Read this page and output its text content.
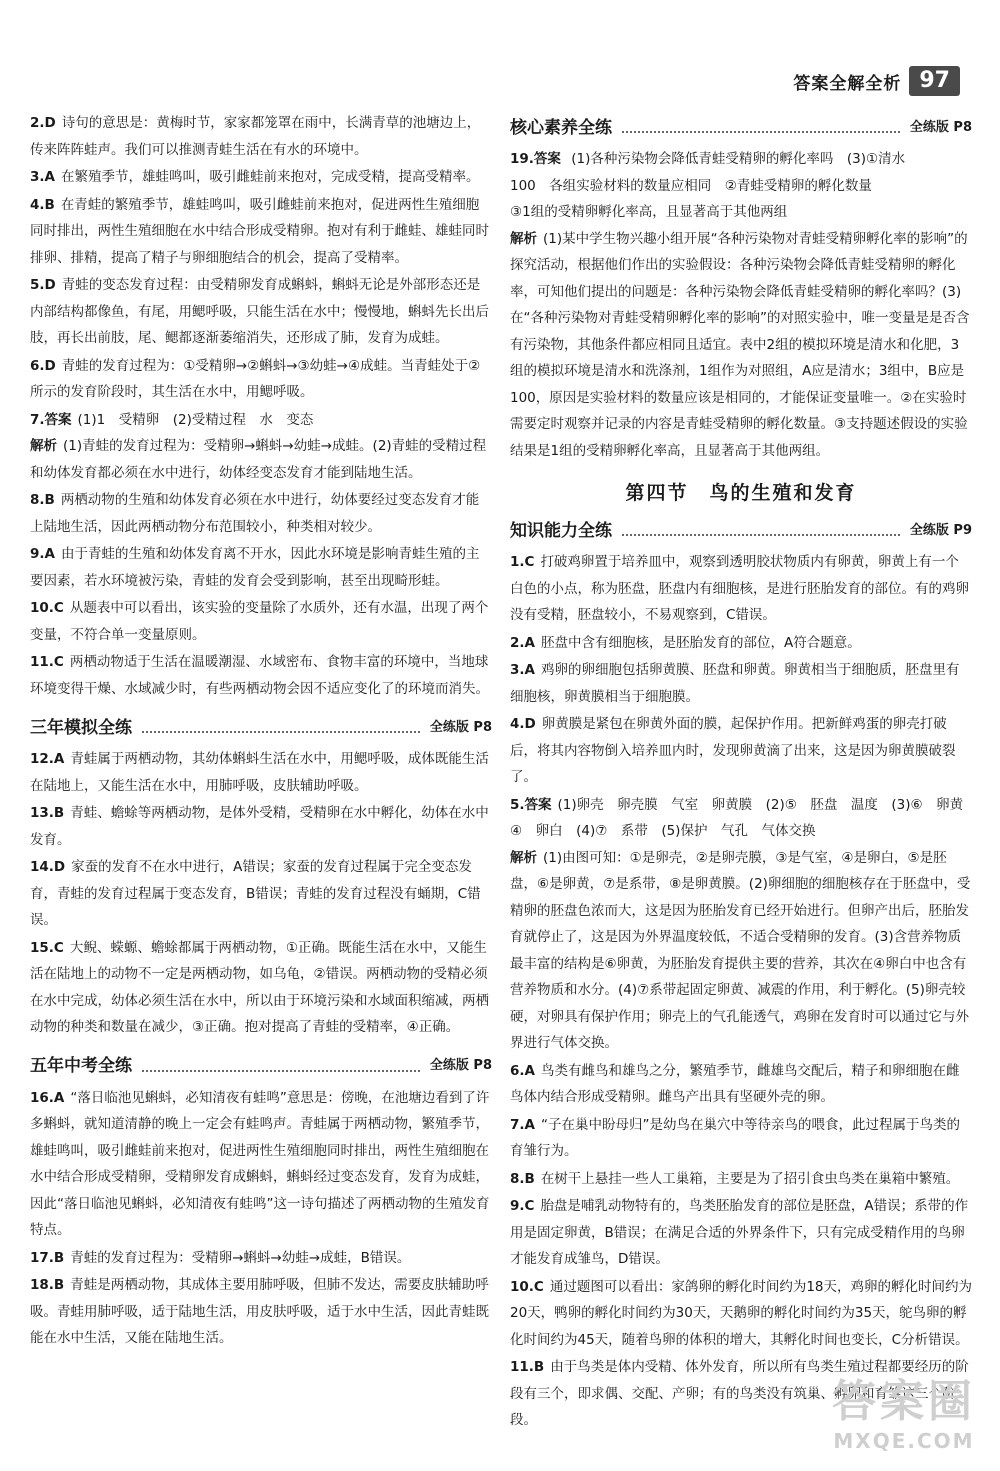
答案全解全析 97
2.D 诗句的意思是：黄梅时节，家家都笼罩在雨中，长满青草的池塘边上，传来阵阵蛙声。我们可以推测青蛙生活在有水的环境中。
3.A 在繁殖季节，雄蛙鸣叫，吸引雌蛙前来抱对，完成受精，提高受精率。
4.B 在青蛙的繁殖季节，雄蛙鸣叫，吸引雌蛙前来抱对，促进两性生殖细胞同时排出，两性生殖细胞在水中结合形成受精卵。抱对有利于雌蛙、雄蛙同时排卵、排精，提高了精子与卵细胞结合的机会，提高了受精率。
5.D 青蛙的变态发育过程：由受精卵发育成蝌蚪，蝌蚪无论是外部形态还是内部结构都像鱼，有尾，用鳃呼吸，只能生活在水中；慢慢地，蝌蚪先长出后肢，再长出前肢，尾、鳃都逐渐萎缩消失，还形成了肺，发育为成蛙。
6.D 青蛙的发育过程为：①受精卵→②蝌蚪→③幼蛙→④成蛙。当青蛙处于②所示的发育阶段时，其生活在水中，用鳃呼吸。
7.答案 (1)1　受精卵　(2)受精过程　水　变态
解析 (1)青蛙的发育过程为：受精卵→蝌蚪→幼蛙→成蛙。(2)青蛙的受精过程和幼体发育都必须在水中进行，幼体经变态发育才能到陆地生活。
8.B 两栖动物的生殖和幼体发育必须在水中进行，幼体要经过变态发育才能上陆地生活，因此两栖动物分布范围较小，种类相对较少。
9.A 由于青蛙的生殖和幼体发育离不开水，因此水环境是影响青蛙生殖的主要因素，若水环境被污染，青蛙的发育会受到影响，甚至出现畸形蛙。
10.C 从题表中可以看出，该实验的变量除了水质外，还有水温，出现了两个变量，不符合单一变量原则。
11.C 两栖动物适于生活在温暖潮湿、水域密布、食物丰富的环境中，当地球环境变得干燥、水域减少时，有些两栖动物会因不适应变化了的环境而消失。
三年模拟全练	全练版 P8
12.A 青蛙属于两栖动物，其幼体蝌蚪生活在水中，用鳃呼吸，成体既能生活在陆地上，又能生活在水中，用肺呼吸，皮肤辅助呼吸。
13.B 青蛙、蟾蜍等两栖动物，是体外受精，受精卵在水中孵化，幼体在水中发育。
14.D 家蚕的发育不在水中进行，A错误；家蚕的发育过程属于完全变态发育，青蛙的发育过程属于变态发育，B错误；青蛙的发育过程没有蛹期，C错误。
15.C 大鲵、蝾螈、蟾蜍都属于两栖动物，①正确。既能生活在水中，又能生活在陆地上的动物不一定是两栖动物，如乌龟，②错误。两栖动物的受精必须在水中完成，幼体必须生活在水中，所以由于环境污染和水域面积缩减，两栖动物的种类和数量在减少，③正确。抱对提高了青蛙的受精率，④正确。
五年中考全练	全练版 P8
16.A “落日临池见蝌蚪，必知清夜有蛙鸣”意思是：傍晚，在池塘边看到了许多蝌蚪，就知道清静的晚上一定会有蛙鸣声。青蛙属于两栖动物，繁殖季节，雄蛙鸣叫，吸引雌蛙前来抱对，促进两性生殖细胞同时排出，两性生殖细胞在水中结合形成受精卵，受精卵发育成蝌蚪，蝌蚪经过变态发育，发育为成蛙，因此“落日临池见蝌蚪，必知清夜有蛙鸣”这一诗句描述了两栖动物的生殖发育特点。
17.B 青蛙的发育过程为：受精卵→蝌蚪→幼蛙→成蛙，B错误。
18.B 青蛙是两栖动物，其成体主要用肺呼吸，但肺不发达，需要皮肤辅助呼吸。青蛙用肺呼吸，适于陆地生活，用皮肤呼吸，适于水中生活，因此青蛙既能在水中生活，又能在陆地生活。
核心素养全练	全练版 P8
19.答案 (1)各种污染物会降低青蛙受精卵的孵化率吗　(3)①清水
100　各组实验材料的数量应相同　②青蛙受精卵的孵化数量
③1组的受精卵孵化率高，且显著高于其他两组
解析 (1)某中学生物兴趣小组开展“各种污染物对青蛙受精卵孵化率的影响”的探究活动，根据他们作出的实验假设：各种污染物会降低青蛙受精卵的孵化率，可知他们提出的问题是：各种污染物会降低青蛙受精卵的孵化率吗？(3)在“各种污染物对青蛙受精卵孵化率的影响”的对照实验中，唯一变量是是否含有污染物，其他条件都应相同且适宜。表中2组的模拟环境是清水和化肥，3组的模拟环境是清水和洗涤剂，1组作为对照组，A应是清水；3组中，B应是100，原因是实验材料的数量应该是相同的，才能保证变量唯一。②在实验时需要定时观察并记录的内容是青蛙受精卵的孵化数量。③支持题述假设的实验结果是1组的受精卵孵化率高，且显著高于其他两组。
第四节　鸟的生殖和发育
知识能力全练	全练版 P9
1.C 打破鸡卵置于培养皿中，观察到透明胶状物质内有卵黄，卵黄上有一个白色的小点，称为胚盘，胚盘内有细胞核，是进行胚胎发育的部位。有的鸡卵没有受精，胚盘较小，不易观察到，C错误。
2.A 胚盘中含有细胞核，是胚胎发育的部位，A符合题意。
3.A 鸡卵的卵细胞包括卵黄膜、胚盘和卵黄。卵黄相当于细胞质，胚盘里有细胞核，卵黄膜相当于细胞膜。
4.D 卵黄膜是紧包在卵黄外面的膜，起保护作用。把新鲜鸡蛋的卵壳打破后，将其内容物倒入培养皿内时，发现卵黄滴了出来，这是因为卵黄膜破裂了。
5.答案 (1)卵壳　卵壳膜　气室　卵黄膜　(2)⑤　胚盘　温度　(3)⑥　卵黄　④　卵白　(4)⑦　系带　(5)保护　气孔　气体交换
解析 (1)由图可知：①是卵壳，②是卵壳膜，③是气室，④是卵白，⑤是胚盘，⑥是卵黄，⑦是系带，⑧是卵黄膜。(2)卵细胞的细胞核存在于胚盘中，受精卵的胚盘色浓而大，这是因为胚胎发育已经开始进行。但卵产出后，胚胎发育就停止了，这是因为外界温度较低，不适合受精卵的发育。(3)含营养物质最丰富的结构是⑥卵黄，为胚胎发育提供主要的营养，其次在④卵白中也含有营养物质和水分。(4)⑦系带起固定卵黄、减震的作用，利于孵化。(5)卵壳较硬，对卵具有保护作用；卵壳上的气孔能透气，鸡卵在发育时可以通过它与外界进行气体交换。
6.A 鸟类有雌鸟和雄鸟之分，繁殖季节，雌雄鸟交配后，精子和卵细胞在雌鸟体内结合形成受精卵。雌鸟产出具有坚硬外壳的卵。
7.A “子在巢中盼母归”是幼鸟在巢穴中等待亲鸟的喂食，此过程属于鸟类的育雏行为。
8.B 在树干上悬挂一些人工巢箱，主要是为了招引食虫鸟类在巢箱中繁殖。
9.C 胎盘是哺乳动物特有的，鸟类胚胎发育的部位是胚盘，A错误；系带的作用是固定卵黄，B错误；在满足合适的外界条件下，只有完成受精作用的鸟卵才能发育成雏鸟，D错误。
10.C 通过题图可以看出：家鸽卵的孵化时间约为18天，鸡卵的孵化时间约为20天，鸭卵的孵化时间约为30天，天鹅卵的孵化时间约为35天，鸵鸟卵的孵化时间约为45天，随着鸟卵的体积的增大，其孵化时间也变长，C分析错误。
11.B 由于鸟类是体内受精、体外发育，所以所有鸟类生殖过程都要经历的阶段有三个，即求偶、交配、产卵；有的鸟类没有筑巢、孵卵和育雏这三个阶段。	答案圈
MXQE.COM
